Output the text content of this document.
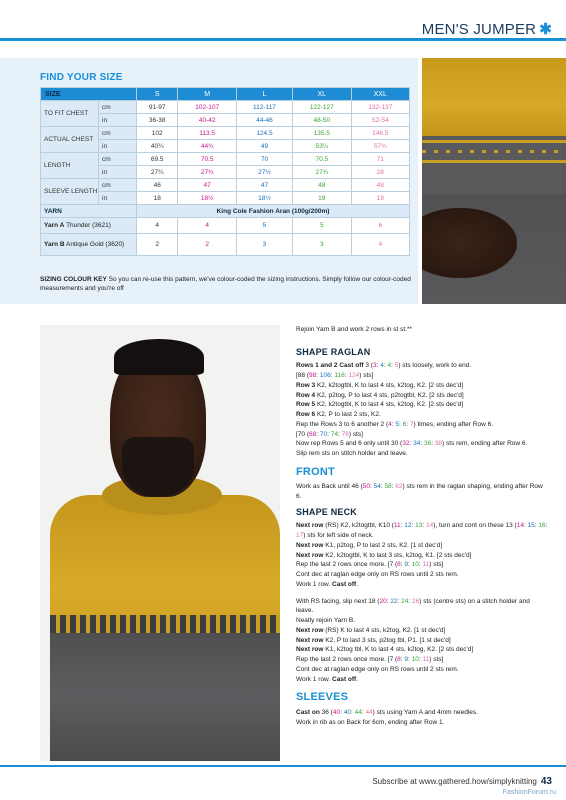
MEN'S JUMPER ✱
FIND YOUR SIZE
SIZE		S	M	L	XL	XXL
TO FIT CHEST	cm	91-97	102-107	112-117	122-127	132-137
	in	36-38	40-42	44-46	48-50	52-54
ACTUAL CHEST	cm	102	113.5	124.5	135.5	146.5
	in	40¼	44¾	49	53¼	57¾
LENGTH	cm	69.5	70.5	70	70.5	71
	in	27¼	27¾	27½	27¾	28
SLEEVE LENGTH	cm	46	47	47	48	48
	in	18	18½	18½	19	19
YARN		King Cole Fashion Aran (100g/200m)				
Yarn A Thunder (3621)		4	4	5	5	6
Yarn B Antique Gold (3620)		2	2	3	3	4
SIZING COLOUR KEY So you can re-use this pattern, we've colour-coded the sizing instructions. Simply follow our colour-coded measurements and you're off

Rejoin Yarn B and work 2 rows in st st.**

SHAPE RAGLAN

Rows 1 and 2 Cast off 3 (3: 4: 4: 5) sts loosely, work to end.

[88 (98: 106: 116: 124) sts]

Row 3 K2, k2togtbl, K to last 4 sts, k2tog, K2. [2 sts dec'd]

Row 4 K2, p2tog, P to last 4 sts, p2togtbl, K2. [2 sts dec'd]

Row 5 K2, k2togtbl, K to last 4 sts, k2tog, K2. [2 sts dec'd]

Row 6 K2, P to last 2 sts, K2.

Rep the Rows 3 to 6 another 2 (4: 5: 6: 7) times, ending after Row 6.

[70 (68: 70: 74: 76) sts]

Now rep Rows 5 and 6 only until 30 (32: 34: 36: 38) sts rem, ending after Row 6.

Slip rem sts on stitch holder and leave.

FRONT

Work as Back until 46 (50: 54: 58: 62) sts rem in the raglan shaping, ending after Row 6.

SHAPE NECK

Next row (RS) K2, k2togtbl, K10 (11: 12: 13: 14), turn and cont on these 13 (14: 15: 16: 17) sts for left side of neck.

Next row K1, p2tog, P to last 2 sts, K2. [1 st dec'd]

Next row K2, k2togtbl, K to last 3 sts, k2tog, K1. [2 sts dec'd]

Rep the last 2 rows once more. [7 (8: 9: 10: 11) sts]

Cont dec at raglan edge only on RS rows until 2 sts rem.

Work 1 row. Cast off.

With RS facing, slip next 18 (20: 22: 24: 26) sts (centre sts) on a stitch holder and leave.

Neatly rejoin Yarn B.

Next row (RS) K to last 4 sts, k2tog, K2. [1 st dec'd]

Next row K2, P to last 3 sts, p2tog tbl, P1. [1 st dec'd]

Next row K1, k2tog tbl, K to last 4 sts, k2tog, K2. [2 sts dec'd]

Rep the last 2 rows once more. [7 (8: 9: 10: 11) sts]

Cont dec at raglan edge only on RS rows until 2 sts rem.

Work 1 row. Cast off.

SLEEVES

Cast on 36 (40: 40: 44: 44) sts using Yarn A and 4mm needles.

Work in rib as on Back for 6cm, ending after Row 1.

Subscribe at www.gathered.how/simplyknitting 43
FashionForum.ru
